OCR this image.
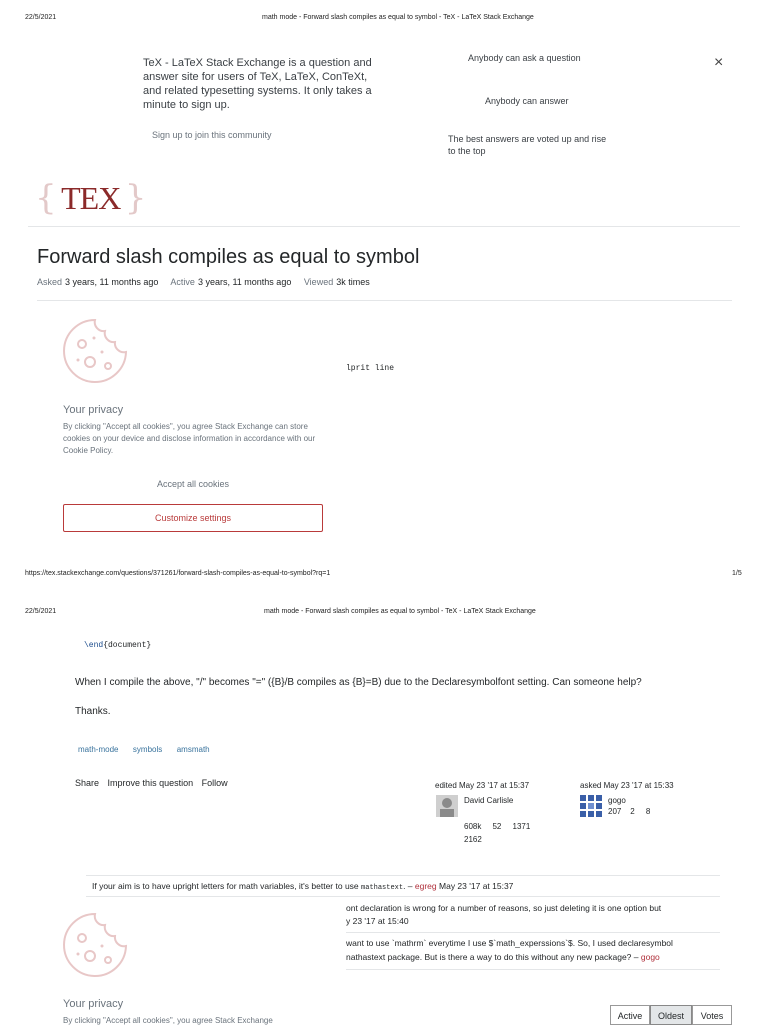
22/5/2021	math mode - Forward slash compiles as equal to symbol - TeX - LaTeX Stack Exchange
TeX - LaTeX Stack Exchange is a question and answer site for users of TeX, LaTeX, ConTeXt, and related typesetting systems. It only takes a minute to sign up.
Sign up to join this community
Anybody can ask a question
Anybody can answer
The best answers are voted up and rise to the top
×
{ TEX }
Forward slash compiles as equal to symbol
Asked 3 years, 11 months ago Active 3 years, 11 months ago Viewed 3k times
lprit line
Your privacy
By clicking "Accept all cookies", you agree Stack Exchange can store cookies on your device and disclose information in accordance with our Cookie Policy.
Accept all cookies
Customize settings
https://tex.stackexchange.com/questions/371261/forward-slash-compiles-as-equal-to-symbol?rq=1	1/5
22/5/2021	math mode - Forward slash compiles as equal to symbol - TeX - LaTeX Stack Exchange
\end{document}
When I compile the above, "/" becomes "=" ({B}/B compiles as {B}=B) due to the Declaresymbolfont setting. Can someone help?
Thanks.
math-mode symbols amsmath
Share Improve this question Follow	edited May 23 '17 at 15:37
David Carlisle
608k 52 1371
2162
asked May 23 '17 at 15:33
gogo
207 2 8
If your aim is to have upright letters for math variables, it's better to use mathastext. – egreg May 23 '17 at 15:37
ont declaration is wrong for a number of reasons, so just deleting it is one option but
y 23 '17 at 15:40
want to use `mathrm` everytime I use $`math_experssions`$. So, I used declaresymbol
nathastext package. But is there a way to do this without any new package? – gogo
Your privacy
By clicking "Accept all cookies", you agree Stack Exchange	Active	Oldest	Votes
